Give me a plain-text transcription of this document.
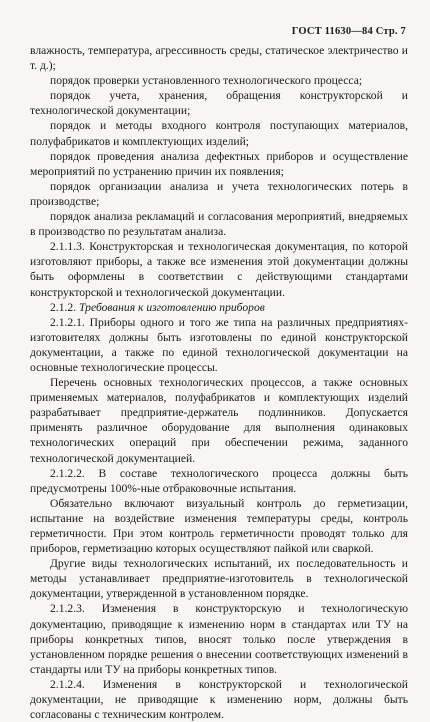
ГОСТ 11630—84 Стр. 7

влажность, температура, агрессивность среды, статическое электричество и т. д.);

порядок проверки установленного технологического процесса;

порядок учета, хранения, обращения конструкторской и технологической документации;

порядок и методы входного контроля поступающих материалов, полуфабрикатов и комплектующих изделий;

порядок проведения анализа дефектных приборов и осуществление мероприятий по устранению причин их появления;

порядок организации анализа и учета технологических потерь в производстве;

порядок анализа рекламаций и согласования мероприятий, внедряемых в производство по результатам анализа.

2.1.1.3. Конструкторская и технологическая документация, по которой изготовляют приборы, а также все изменения этой документации должны быть оформлены в соответствии с действующими стандартами конструкторской и технологической документации.

2.1.2. Требования к изготовлению приборов

2.1.2.1. Приборы одного и того же типа на различных предприятиях-изготовителях должны быть изготовлены по единой конструкторской документации, а также по единой технологической документации на основные технологические процессы.

Перечень основных технологических процессов, а также основных применяемых материалов, полуфабрикатов и комплектующих изделий разрабатывает предприятие-держатель подлинников. Допускается применять различное оборудование для выполнения одинаковых технологических операций при обеспечении режима, заданного технологической документацией.

2.1.2.2. В составе технологического процесса должны быть предусмотрены 100%-ные отбраковочные испытания.

Обязательно включают визуальный контроль до герметизации, испытание на воздействие изменения температуры среды, контроль герметичности. При этом контроль герметичности проводят только для приборов, герметизацию которых осуществляют пайкой или сваркой.

Другие виды технологических испытаний, их последовательность и методы устанавливает предприятие-изготовитель в технологической документации, утвержденной в установленном порядке.

2.1.2.3. Изменения в конструкторскую и технологическую документацию, приводящие к изменению норм в стандартах или ТУ на приборы конкретных типов, вносят только после утверждения в установленном порядке решения о внесении соответствующих изменений в стандарты или ТУ на приборы конкретных типов.

2.1.2.4. Изменения в конструкторской и технологической документации, не приводящие к изменению норм, должны быть согласованы с техническим контролем.
